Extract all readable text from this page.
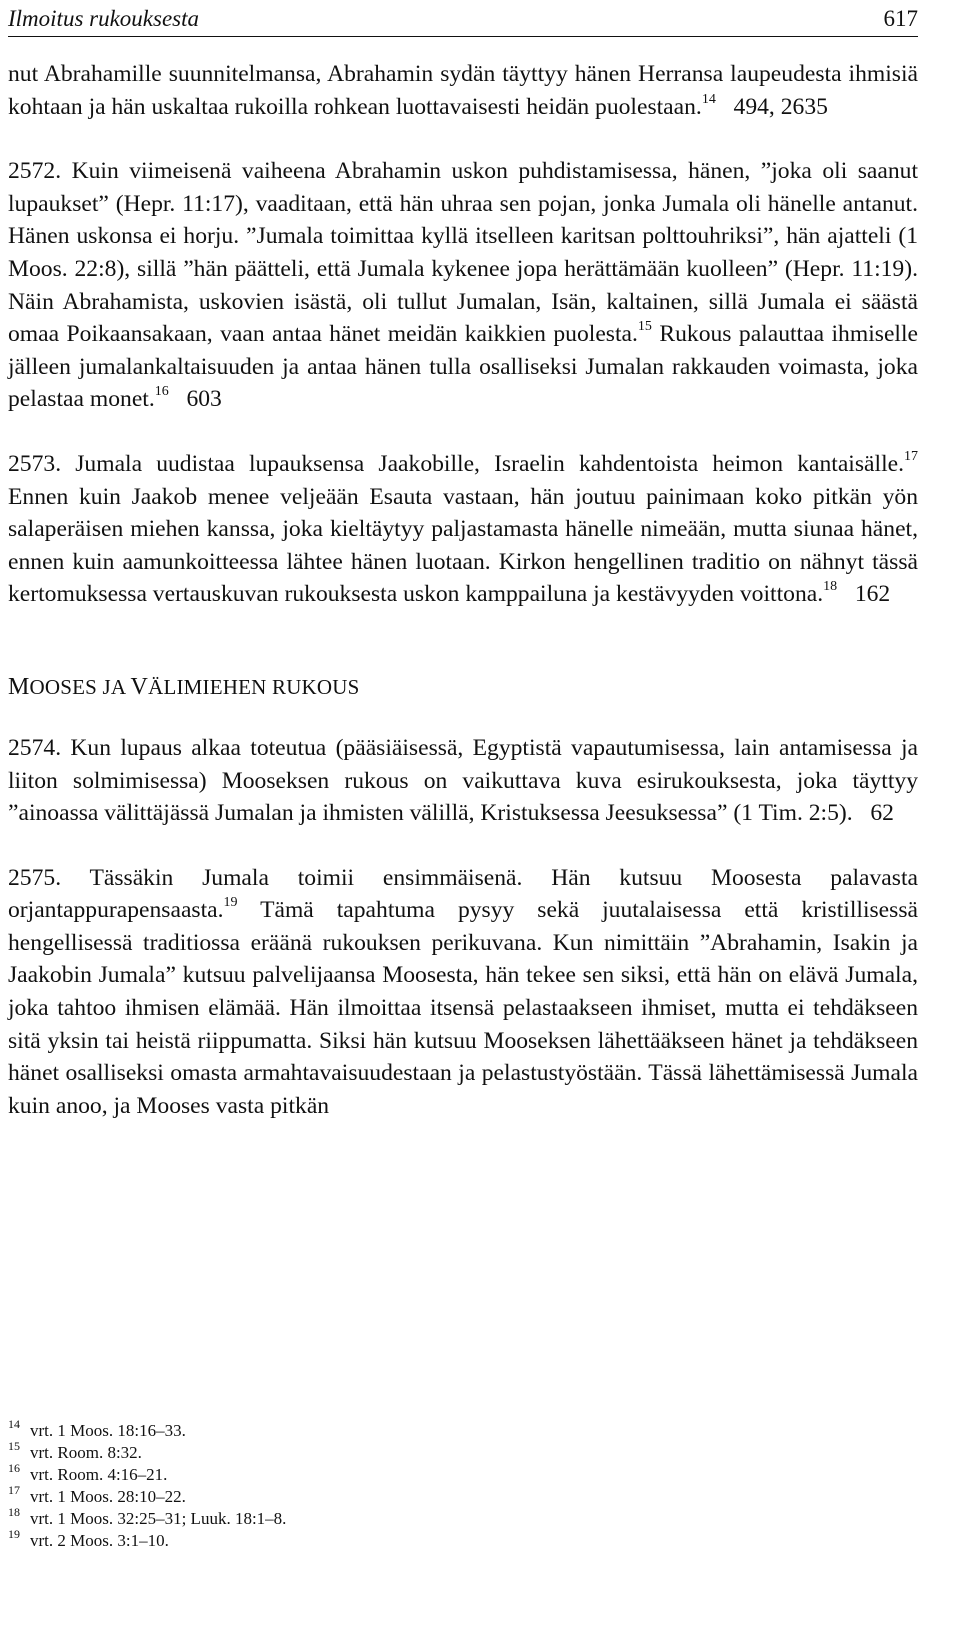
Ilmoitus rukouksesta	617

nut Abrahamille suunnitelmansa, Abrahamin sydän täyttyy hänen Herransa laupeudesta ihmisiä kohtaan ja hän uskaltaa rukoilla rohkean luottavaisesti heidän puolestaan.$^{14}$ 494, 2635

2572. Kuin viimeisenä vaiheena Abrahamin uskon puhdistamisessa, hänen, ”joka oli saanut lupaukset” (Hepr. 11:17), vaaditaan, että hän uhraa sen pojan, jonka Jumala oli hänelle antanut. Hänen uskonsa ei horju. ”Jumala toimittaa kyllä itselleen karitsan polttouhriksi”, hän ajatteli (1 Moos. 22:8), sillä ”hän päätteli, että Jumala kykenee jopa herättämään kuolleen” (Hepr. 11:19). Näin Abrahamista, uskovien isästä, oli tullut Jumalan, Isän, kaltainen, sillä Jumala ei säästä omaa Poikaansakaan, vaan antaa hänet meidän kaikkien puolesta.$^{15}$ Rukous palauttaa ihmiselle jälleen jumalankaltaisuuden ja antaa hänen tulla osalliseksi Jumalan rakkauden voimasta, joka pelastaa monet.$^{16}$ 603

2573. Jumala uudistaa lupauksensa Jaakobille, Israelin kahdentoista heimon kantaisälle.$^{17}$ Ennen kuin Jaakob menee veljeään Esauta vastaan, hän joutuu painimaan koko pitkän yön salaperäisen miehen kanssa, joka kieltäytyy paljastamasta hänelle nimeään, mutta siunaa hänet, ennen kuin aamunkoitteessa lähtee hänen luotaan. Kirkon hengellinen traditio on nähnyt tässä kertomuksessa vertauskuvan rukouksesta uskon kamppailuna ja kestävyyden voittona.$^{18}$ 162

MOOSES JA VÄLIMIEHEN RUKOUS

2574. Kun lupaus alkaa toteutua (pääsiäisessä, Egyptistä vapautumisessa, lain antamisessa ja liiton solmimisessa) Mooseksen rukous on vaikuttava kuva esirukouksesta, joka täyttyy ”ainoassa välittäjässä Jumalan ja ihmisten välillä, Kristuksessa Jeesuksessa” (1 Tim. 2:5). 62

2575. Tässäkin Jumala toimii ensimmäisenä. Hän kutsuu Moosesta palavasta orjantappurapensaasta.$^{19}$ Tämä tapahtuma pysyy sekä juutalaisessa että kristillisessä hengellisessä traditiossa eräänä rukouksen perikuvana. Kun nimittäin ”Abrahamin, Isakin ja Jaakobin Jumala” kutsuu palvelijaansa Moosesta, hän tekee sen siksi, että hän on elävä Jumala, joka tahtoo ihmisen elämää. Hän ilmoittaa itsensä pelastaakseen ihmiset, mutta ei tehdäkseen sitä yksin tai heistä riippumatta. Siksi hän kutsuu Mooseksen lähettääkseen hänet ja tehdäkseen hänet osalliseksi omasta armahtavaisuudestaan ja pelastustyöstään. Tässä lähettämisessä Jumala kuin anoo, ja Mooses vasta pitkän

$^{14}$ vrt. 1 Moos. 18:16–33.
$^{15}$ vrt. Room. 8:32.
$^{16}$ vrt. Room. 4:16–21.
$^{17}$ vrt. 1 Moos. 28:10–22.
$^{18}$ vrt. 1 Moos. 32:25–31; Luuk. 18:1–8.
$^{19}$ vrt. 2 Moos. 3:1–10.
